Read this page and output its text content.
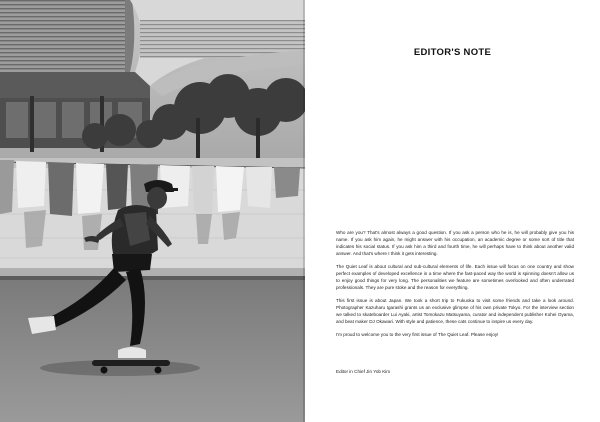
EDITOR'S NOTE

Who are you? That's almost always a good question. If you ask a person who he is, he will probably give you his name. If you ask him again, he might answer with his occupation, an academic degree or some sort of title that indicates his social status. If you ask him a third and fourth time, he will perhaps have to think about another valid answer. And that's where I think it gets interesting.

The Quiet Leaf is about cultural and sub-cultural elements of life. Each issue will focus on one country and show perfect examples of developed excellence in a time where the fast-paced way the world is spinning doesn't allow us to enjoy good things for very long. The personalities we feature are sometimes overlooked and often underrated professionals. They are pure stoke and the reason for everything.

This first issue is about Japan. We took a short trip to Fukuoka to visit some friends and take a look around. Photographer Kazuharu Igarashi grants us an exclusive glimpse of his own private Tokyo. For the interview section we talked to skateboarder Lui Ayaki, artist Tomokazu Matsuyama, curator and independent publisher Kohei Oyama, and beat maker DJ Okawari. With style and patience, these cats continue to inspire us every day.

I'm proud to welcome you to the very first issue of The Quiet Leaf. Please enjoy!

Editor in Chief Jin Yob Kim
